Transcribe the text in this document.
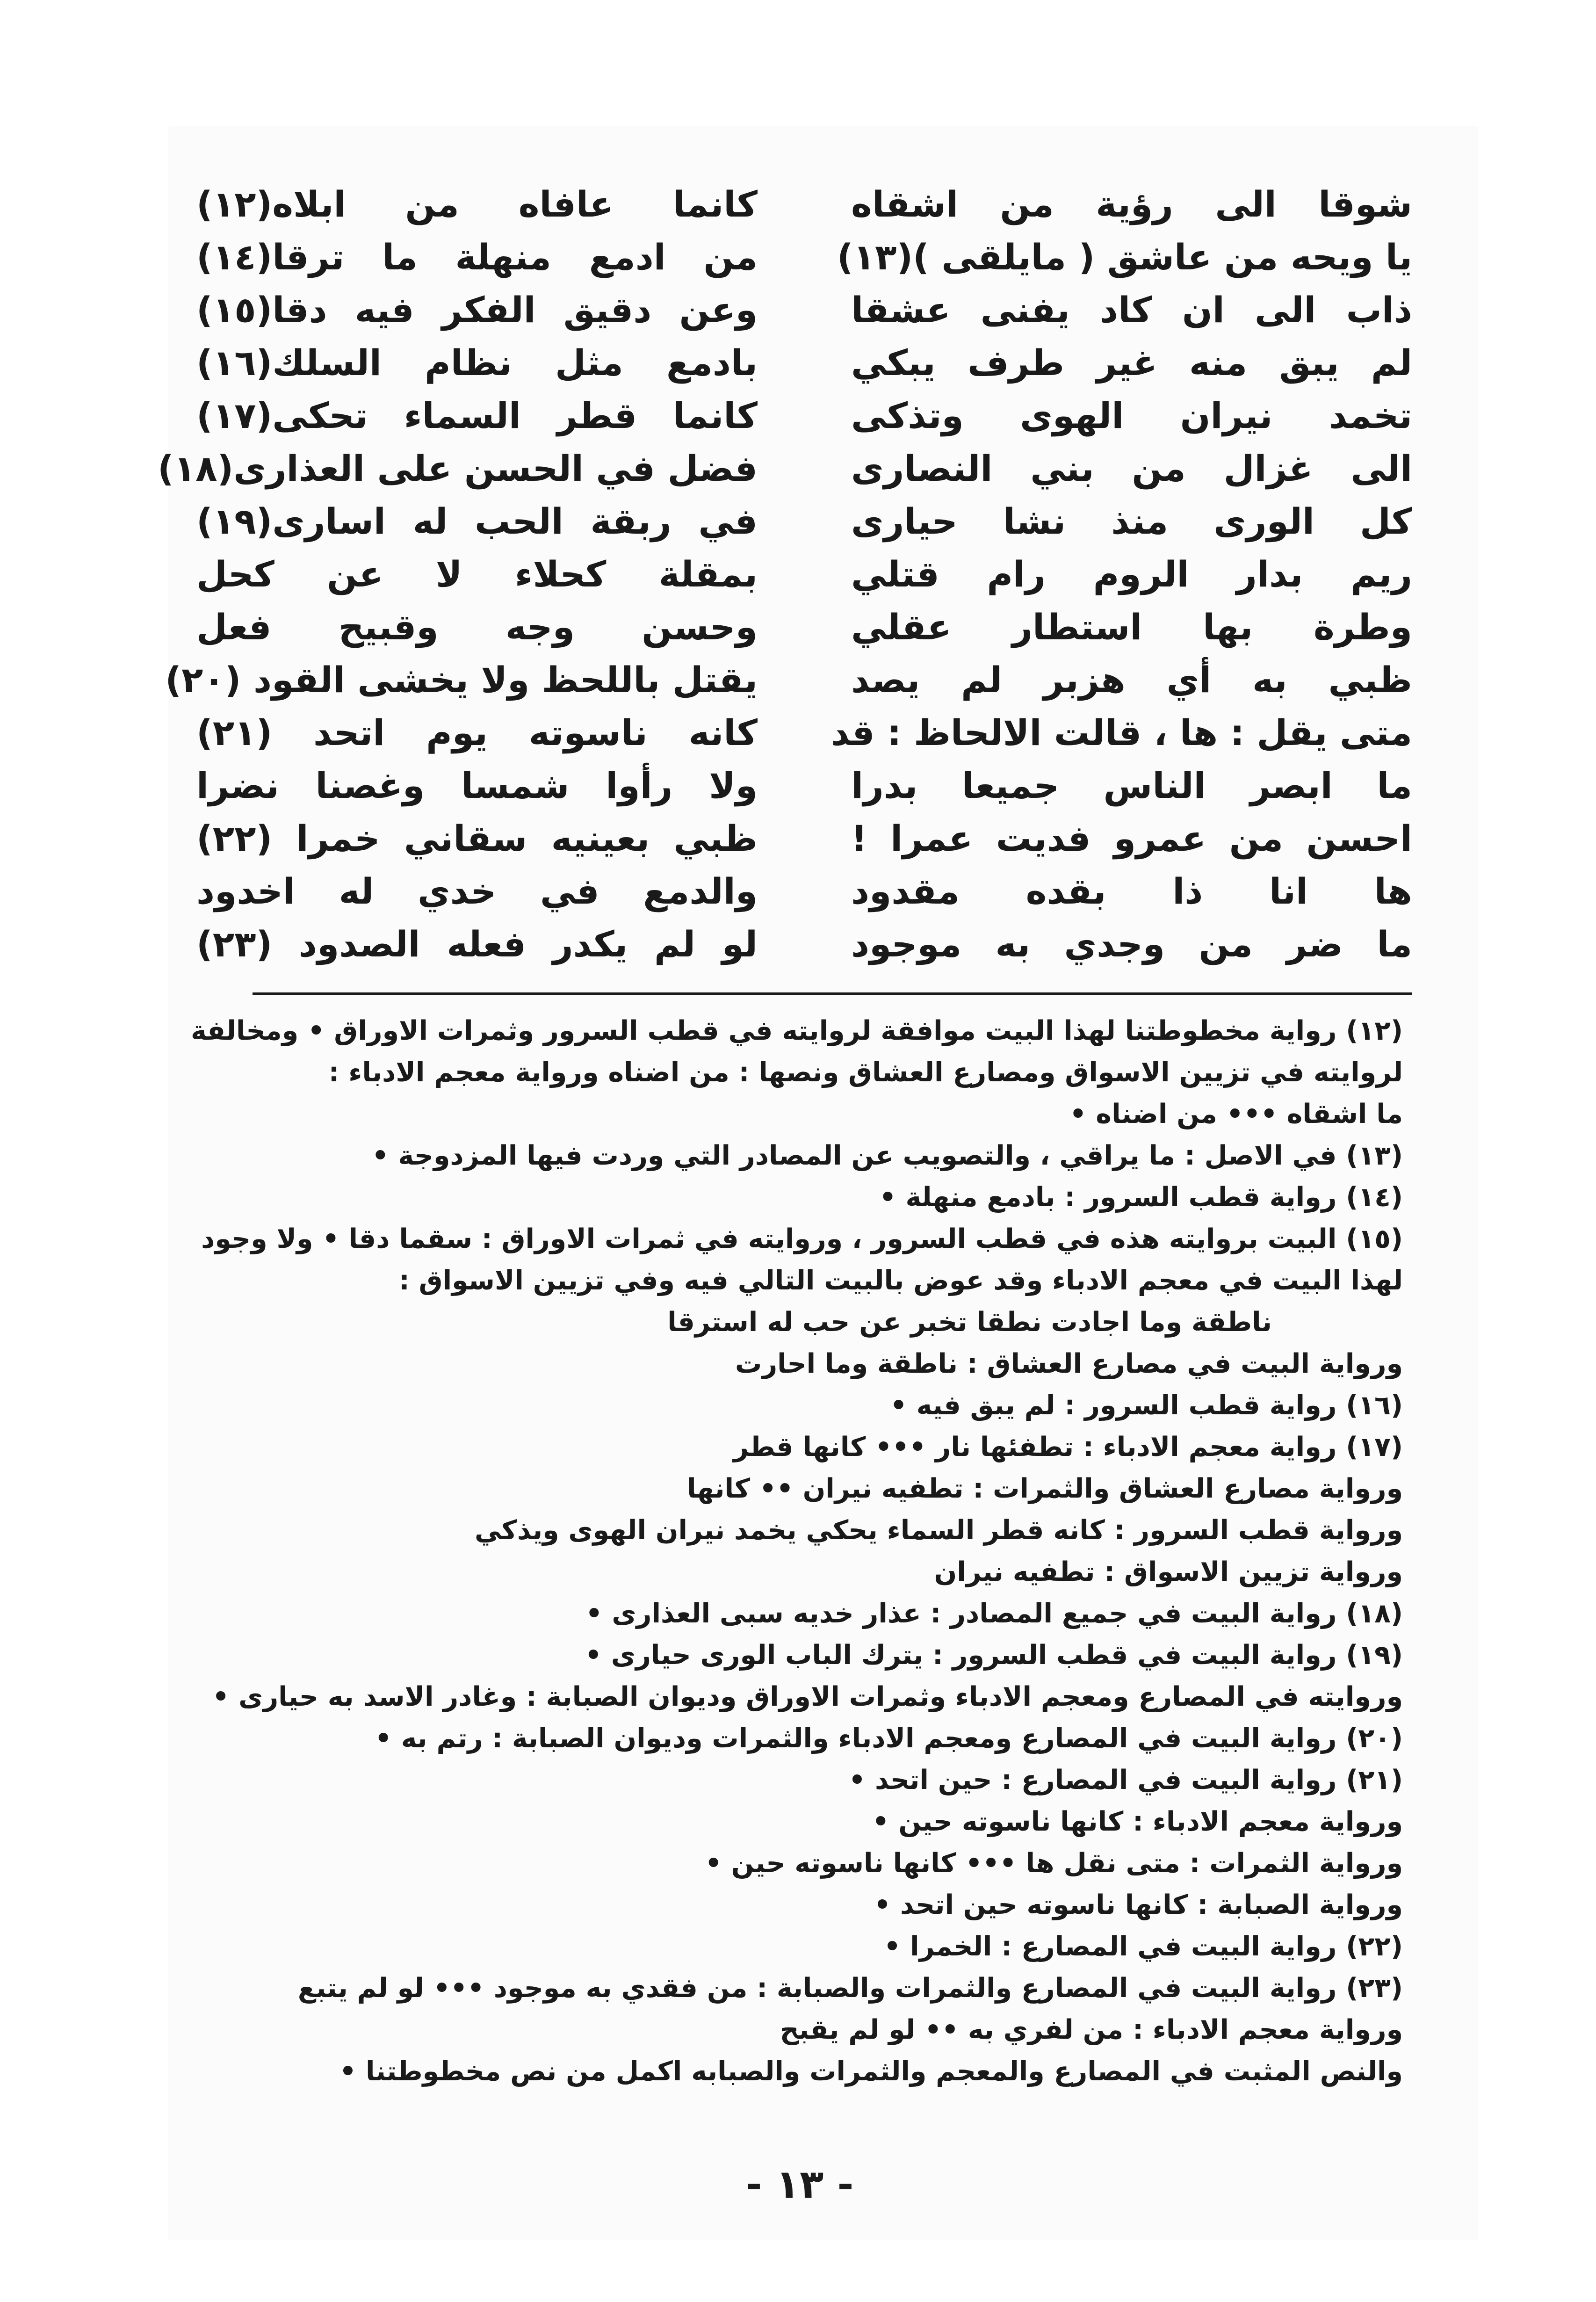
شوقا الى رؤية من اشقاه
يا ويحه من عاشق ( مايلقى )(١٣)
ذاب الى ان كاد يفنى عشقا
لم يبق منه غير طرف يبكي
تخمد نيران الهوى وتذكى
الى غزال من بني النصارى
كل الورى منذ نشا حيارى
ريم بدار الروم رام قتلي
وطرة بها استطار عقلي
ظبي به أي هزبر لم يصد
متى يقل : ها ، قالت الالحاظ : قد
ما ابصر الناس جميعا بدرا
احسن من عمرو فديت عمرا !
ها انا ذا بقده مقدود
ما ضر من وجدي به موجود
كانما عافاه من ابلاه(١٢)
من ادمع منهلة ما ترقا(١٤)
وعن دقيق الفكر فيه دقا(١٥)
بادمع مثل نظام السلك(١٦)
كانما قطر السماء تحكى(١٧)
فضل في الحسن على العذارى(١٨)
في ربقة الحب له اسارى(١٩)
بمقلة كحلاء لا عن كحل
وحسن وجه وقبيح فعل
يقتل باللحظ ولا يخشى القود (٢٠)
كانه ناسوته يوم اتحد (٢١)
ولا رأوا شمسا وغصنا نضرا
ظبي بعينيه سقاني خمرا (٢٢)
والدمع في خدي له اخدود
لو لم يكدر فعله الصدود (٢٣)
(١٢) رواية مخطوطتنا لهذا البيت موافقة لروايته في قطب السرور وثمرات الاوراق • ومخالفة
لروايته في تزيين الاسواق ومصارع العشاق ونصها : من اضناه ورواية معجم الادباء :
ما اشقاه ••• من اضناه •
(١٣) في الاصل : ما يراقي ، والتصويب عن المصادر التي وردت فيها المزدوجة •
(١٤) رواية قطب السرور : بادمع منهلة •
(١٥) البيت بروايته هذه في قطب السرور ، وروايته في ثمرات الاوراق : سقما دقا • ولا وجود
لهذا البيت في معجم الادباء وقد عوض بالبيت التالي فيه وفي تزيين الاسواق :
ناطقة وما اجادت نطقا تخبر عن حب له استرقا
ورواية البيت في مصارع العشاق : ناطقة وما احارت
(١٦) رواية قطب السرور : لم يبق فيه •
(١٧) رواية معجم الادباء : تطفئها نار ••• كانها قطر
ورواية مصارع العشاق والثمرات : تطفيه نيران •• كانها
ورواية قطب السرور : كانه قطر السماء يحكي يخمد نيران الهوى ويذكي
ورواية تزيين الاسواق : تطفيه نيران
(١٨) رواية البيت في جميع المصادر : عذار خديه سبى العذارى •
(١٩) رواية البيت في قطب السرور : يترك الباب الورى حيارى •
وروايته في المصارع ومعجم الادباء وثمرات الاوراق وديوان الصبابة : وغادر الاسد به حيارى •
(٢٠) رواية البيت في المصارع ومعجم الادباء والثمرات وديوان الصبابة : رتم به •
(٢١) رواية البيت في المصارع : حين اتحد •
ورواية معجم الادباء : كانها ناسوته حين •
ورواية الثمرات : متى نقل ها ••• كانها ناسوته حين •
ورواية الصبابة : كانها ناسوته حين اتحد •
(٢٢) رواية البيت في المصارع : الخمرا •
(٢٣) رواية البيت في المصارع والثمرات والصبابة : من فقدي به موجود ••• لو لم يتبع
ورواية معجم الادباء : من لفري به •• لو لم يقبح
والنص المثبت في المصارع والمعجم والثمرات والصبابه اكمل من نص مخطوطتنا •
- ١٣ -
